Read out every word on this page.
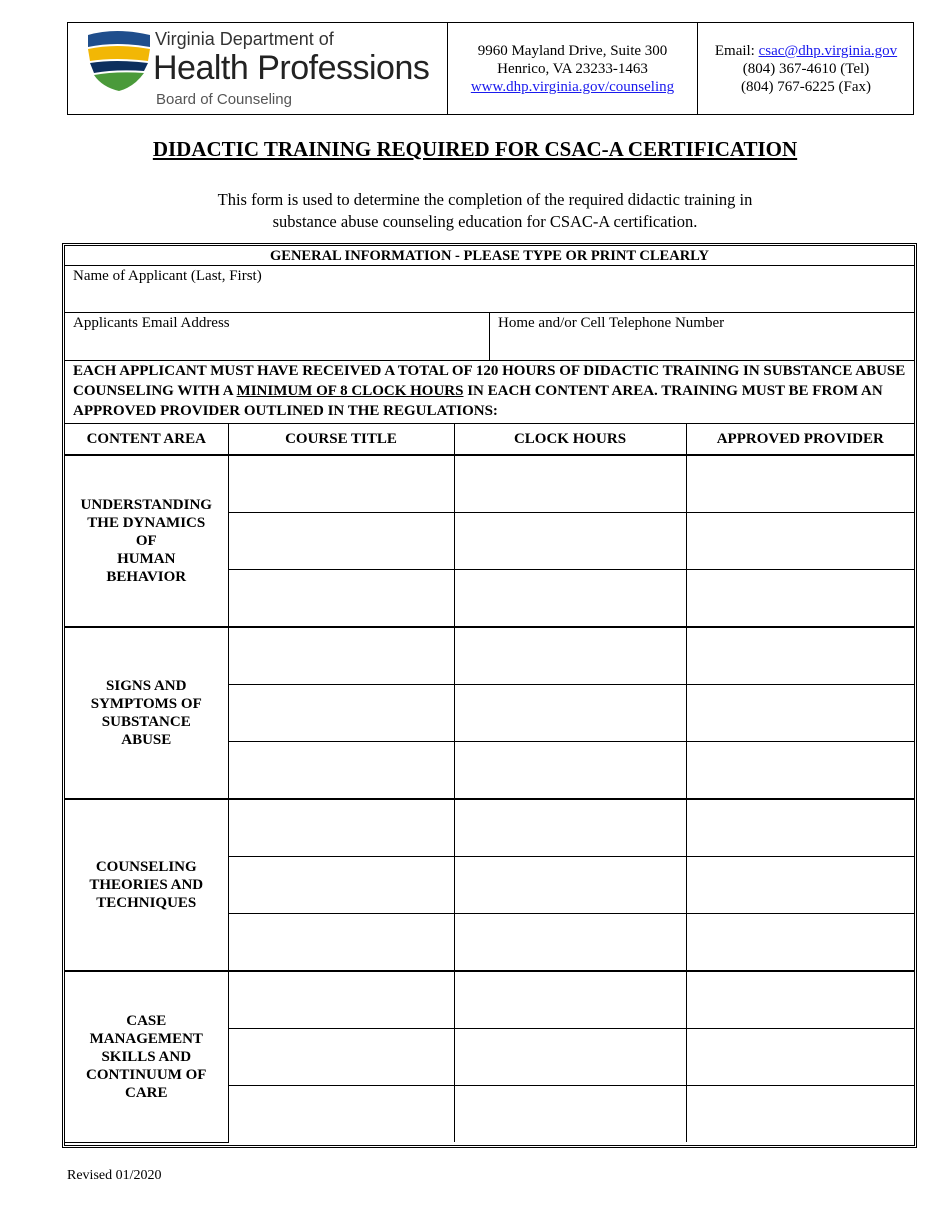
Virginia Department of
Health Professions
Board of Counseling
9960 Mayland Drive, Suite 300
Henrico, VA 23233-1463
www.dhp.virginia.gov/counseling
Email: csac@dhp.virginia.gov
(804) 367-4610 (Tel)
(804) 767-6225 (Fax)
DIDACTIC TRAINING REQUIRED FOR CSAC-A CERTIFICATION
This form is used to determine the completion of the required didactic training in
substance abuse counseling education for CSAC-A certification.
GENERAL INFORMATION - PLEASE TYPE OR PRINT CLEARLY
Name of Applicant (Last, First)
Applicants Email Address	Home and/or Cell Telephone Number
EACH APPLICANT MUST HAVE RECEIVED A TOTAL OF 120 HOURS OF DIDACTIC TRAINING IN SUBSTANCE ABUSE COUNSELING WITH A MINIMUM OF 8 CLOCK HOURS IN EACH CONTENT AREA. TRAINING MUST BE FROM AN APPROVED PROVIDER OUTLINED IN THE REGULATIONS:
CONTENT AREA	COURSE TITLE	CLOCK HOURS	APPROVED PROVIDER

UNDERSTANDING
THE DYNAMICS
OF
HUMAN
BEHAVIOR			

SIGNS AND
SYMPTOMS OF
SUBSTANCE
ABUSE			

COUNSELING
THEORIES AND
TECHNIQUES			

CASE
MANAGEMENT
SKILLS AND
CONTINUUM OF
CARE			

Revised 01/2020
